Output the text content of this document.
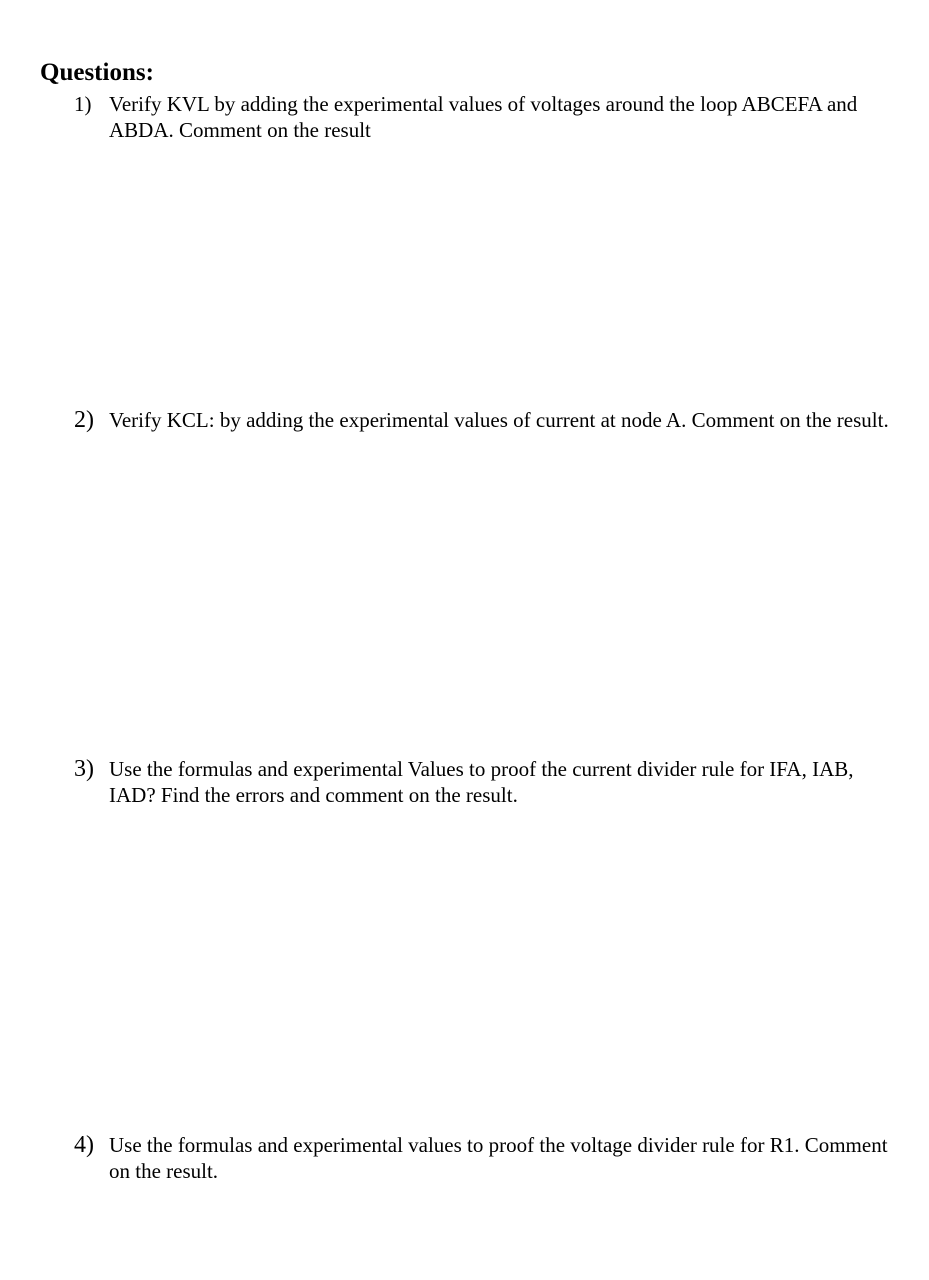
Questions:
1) Verify KVL by adding the experimental values of voltages around the loop ABCEFA and ABDA. Comment on the result
2) Verify KCL: by adding the experimental values of current at node A. Comment on the result.
3) Use the formulas and experimental Values to proof the current divider rule for IFA, IAB, IAD? Find the errors and comment on the result.
4) Use the formulas and experimental values to proof the voltage divider rule for R1. Comment on the result.
